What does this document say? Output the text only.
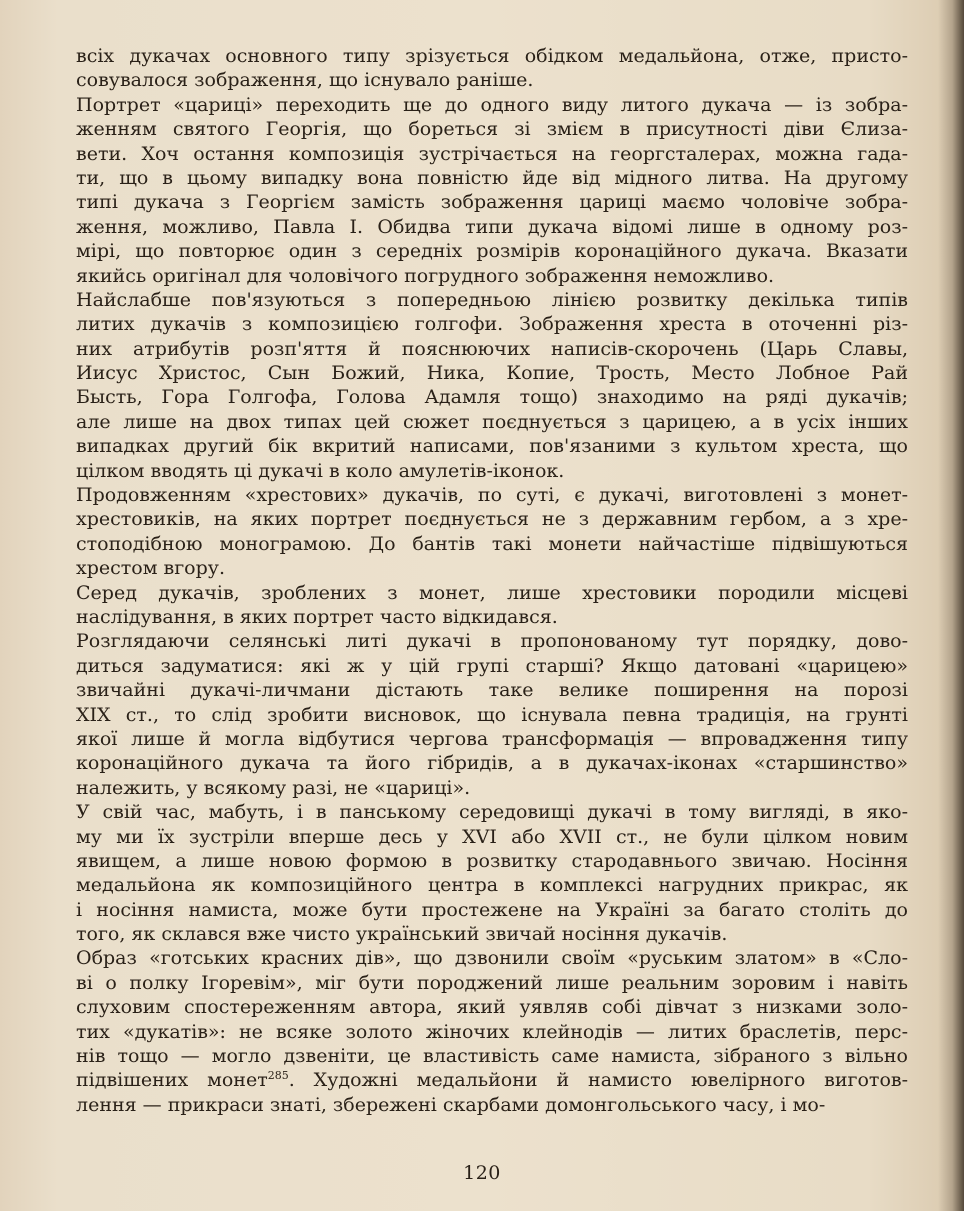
всіх дукачах основного типу зрізується обідком медальйона, отже, присто-
совувалося зображення, що існувало раніше.

Портрет «цариці» переходить ще до одного виду литого дукача — із зобра-
женням святого Георгія, що бореться зі змієм в присутності діви Єлиза-
вети. Хоч остання композиція зустрічається на георгсталерах, можна гада-
ти, що в цьому випадку вона повністю йде від мідного литва. На другому
типі дукача з Георгієм замість зображення цариці маємо чоловіче зобра-
ження, можливо, Павла І. Обидва типи дукача відомі лише в одному роз-
мірі, що повторює один з середніх розмірів коронаційного дукача. Вказати
якийсь оригінал для чоловічого погрудного зображення неможливо.

Найслабше пов'язуються з попередньою лінією розвитку декілька типів
литих дукачів з композицією голгофи. Зображення хреста в оточенні різ-
них атрибутів розп'яття й пояснюючих написів-скорочень (Царь Славы,
Иисус Христос, Сын Божий, Ника, Копие, Трость, Место Лобное Рай
Бысть, Гора Голгофа, Голова Адамля тощо) знаходимо на ряді дукачів;
але лише на двох типах цей сюжет поєднується з царицею, а в усіх інших
випадках другий бік вкритий написами, пов'язаними з культом хреста, що
цілком вводять ці дукачі в коло амулетів-іконок.

Продовженням «хрестових» дукачів, по суті, є дукачі, виготовлені з монет-
хрестовиків, на яких портрет поєднується не з державним гербом, а з хре-
стоподібною монограмою. До бантів такі монети найчастіше підвішуються
хрестом вгору.

Серед дукачів, зроблених з монет, лише хрестовики породили місцеві
наслідування, в яких портрет часто відкидався.

Розглядаючи селянські литі дукачі в пропонованому тут порядку, дово-
диться задуматися: які ж у цій групі старші? Якщо датовані «царицею»
звичайні дукачі-личмани дістають таке велике поширення на порозі
XIX ст., то слід зробити висновок, що існувала певна традиція, на грунті
якої лише й могла відбутися чергова трансформація — впровадження типу
коронаційного дукача та його гібридів, а в дукачах-іконах «старшинство»
належить, у всякому разі, не «цариці».

У свій час, мабуть, і в панському середовищі дукачі в тому вигляді, в яко-
му ми їх зустріли вперше десь у XVI або XVII ст., не були цілком новим
явищем, а лише новою формою в розвитку стародавнього звичаю. Носіння
медальйона як композиційного центра в комплексі нагрудних прикрас, як
і носіння намиста, може бути простежене на Україні за багато століть до
того, як склався вже чисто український звичай носіння дукачів.

Образ «готських красних дів», що дзвонили своїм «руським златом» в «Сло-
ві о полку Ігоревім», міг бути породжений лише реальним зоровим і навіть
слуховим спостереженням автора, який уявляв собі дівчат з низками золо-
тих «дукатів»: не всяке золото жіночих клейнодів — литих браслетів, перс-
нів тощо — могло дзвеніти, це властивість саме намиста, зібраного з вільно
підвішених монет$^{285}$. Художні медальйони й намисто ювелірного виготов-
лення — прикраси знаті, збережені скарбами домонгольського часу, і мо-

120
